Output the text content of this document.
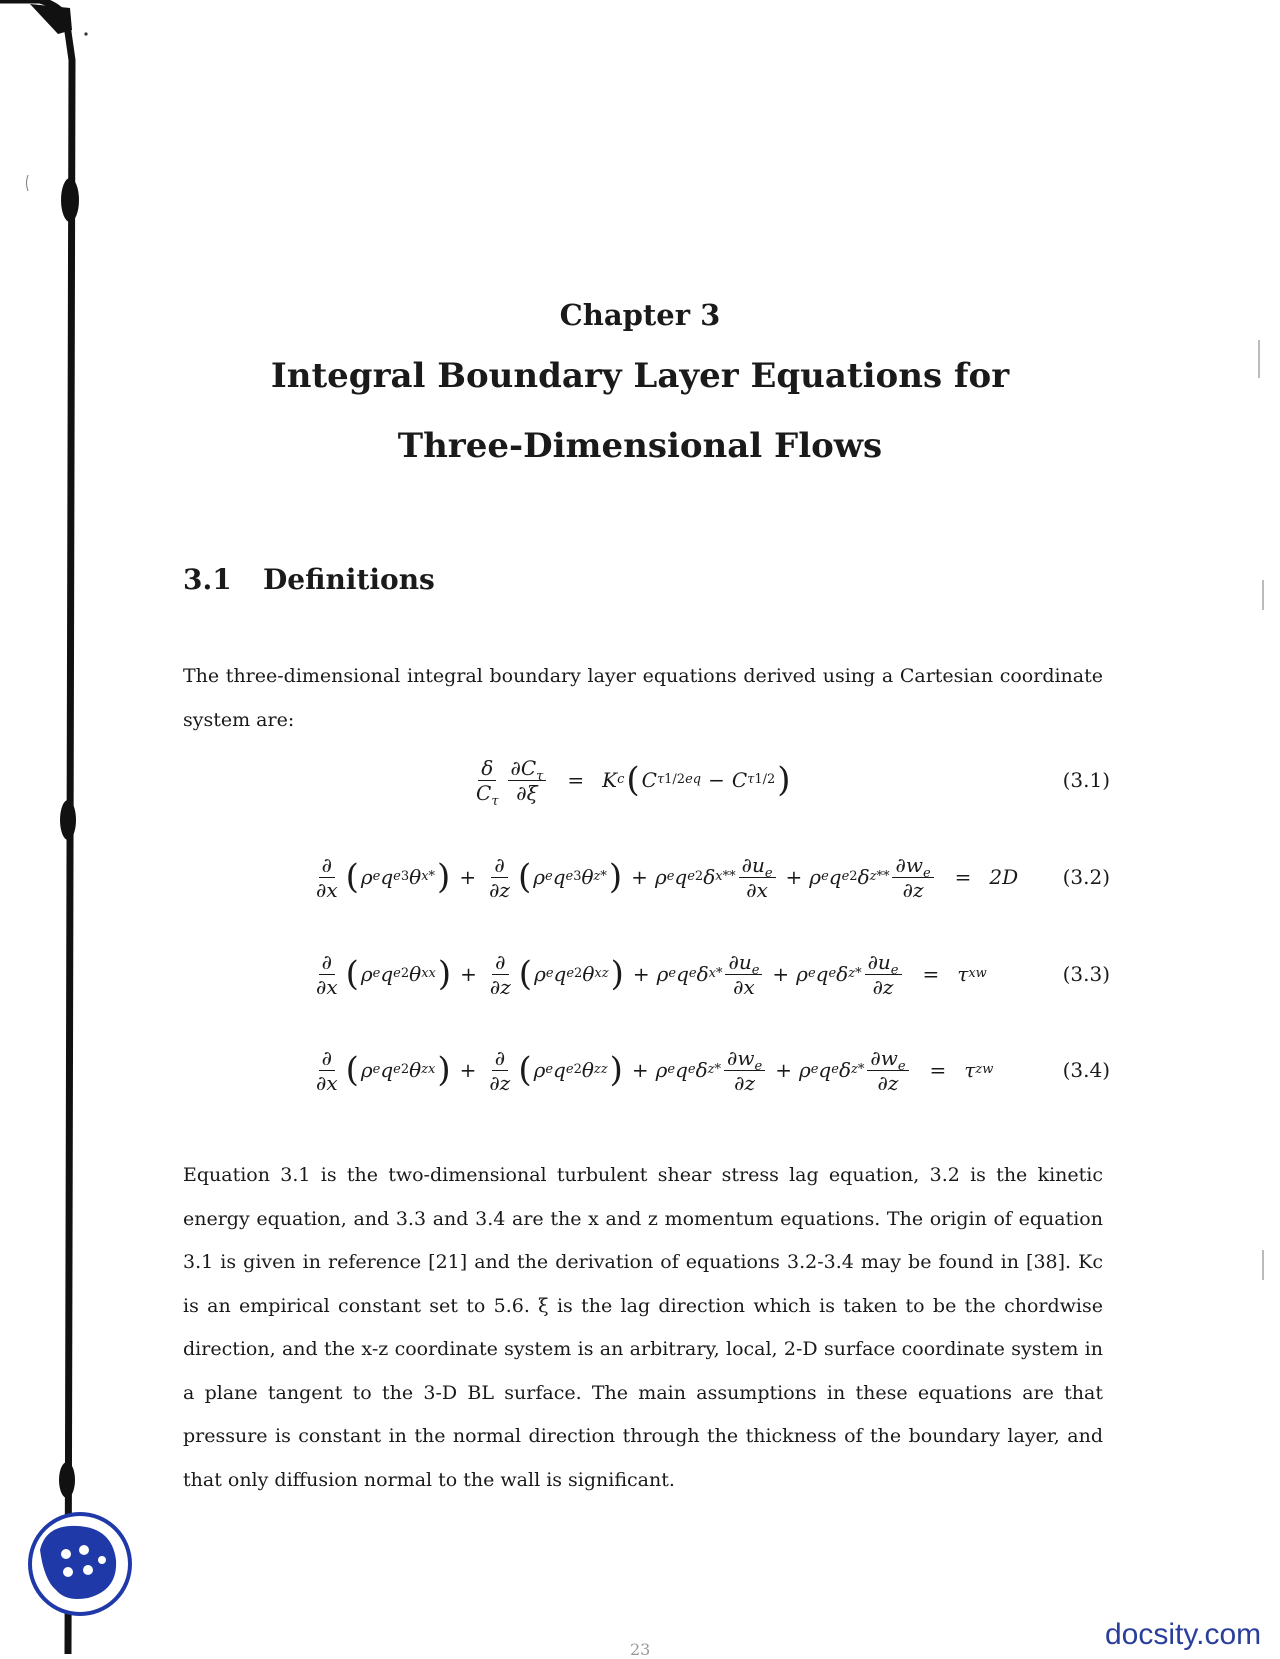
Chapter 3
Integral Boundary Layer Equations for
Three-Dimensional Flows
3.1 Definitions
The three-dimensional integral boundary layer equations derived using a Cartesian coordinate system are:
$\frac{\delta}{C_\tau} \frac{\partial C_\tau}{\partial\xi} = K$ c ( C τ 1/2 eq − C τ 1/2 )	(3.1)
$\frac{\partial}{\partial x}$ ( ρ e q e 3 θ x * ) + $\frac{\partial}{\partial z}$ ( ρ e q e 3 θ z * ) + ρ e q e 2 δ $x ** \frac{\partial u_e}{\partial x} + \rho$ e q e 2 δ $z ** \frac{\partial w_e}{\partial z} = 2D$	(3.2)
$\frac{\partial}{\partial x}$ ( ρ e q e 2 θ xx ) + $\frac{\partial}{\partial z}$ ( ρ e q e 2 θ xz ) + ρ e q e δ $x * \frac{\partial u_e}{\partial x} + \rho$ e q e δ $z * \frac{\partial u_e}{\partial z} = \tau$ xw	(3.3)
$\frac{\partial}{\partial x}$ ( ρ e q e 2 θ zx ) + $\frac{\partial}{\partial z}$ ( ρ e q e 2 θ zz ) + ρ e q e δ $z * \frac{\partial w_e}{\partial z} + \rho$ e q e δ $z * \frac{\partial w_e}{\partial z} = \tau$ zw	(3.4)
Equation 3.1 is the two-dimensional turbulent shear stress lag equation, 3.2 is the kinetic energy equation, and 3.3 and 3.4 are the x and z momentum equations. The origin of equation 3.1 is given in reference [21] and the derivation of equations 3.2-3.4 may be found in [38]. Kc is an empirical constant set to 5.6. ξ is the lag direction which is taken to be the chordwise direction, and the x-z coordinate system is an arbitrary, local, 2-D surface coordinate system in a plane tangent to the 3-D BL surface. The main assumptions in these equations are that pressure is constant in the normal direction through the thickness of the boundary layer, and that only diffusion normal to the wall is significant.
23	docsity.com
